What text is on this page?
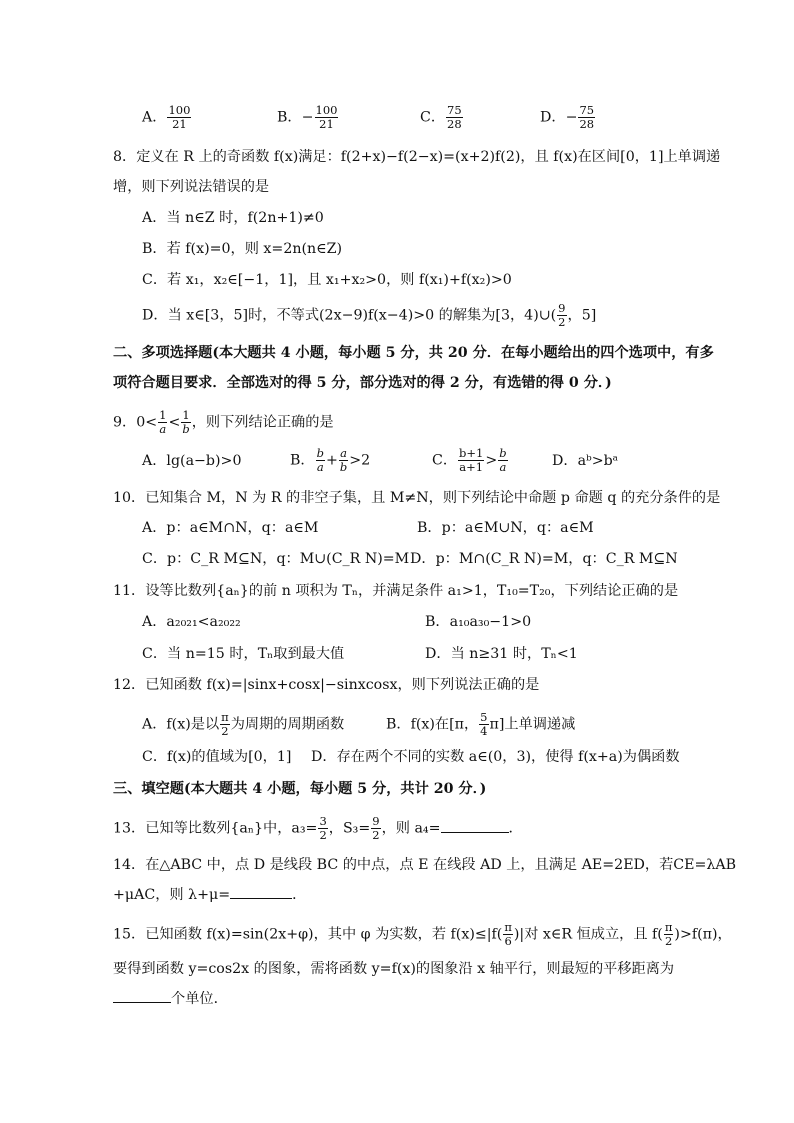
A． $\frac{100}{21}$	B．− $\frac{100}{21}$	C． $\frac{75}{28}$	D．− $\frac{75}{28}$
8．定义在 R 上的奇函数 f(x)满足：f(2+x)−f(2−x)=(x+2)f(2)，且 f(x)在区间[0，1]上单调递
增，则下列说法错误的是
A．当 n∈Z 时，f(2n+1)≠0
B．若 f(x)=0，则 x=2n(n∈Z)
C．若 x₁，x₂∈[−1，1]，且 x₁+x₂>0，则 f(x₁)+f(x₂)>0
D．当 x∈[3，5]时，不等式(2x−9)f(x−4)>0 的解集为[3，4)∪( $\frac{9}{2}$ ，5]
二、多项选择题(本大题共 4 小题，每小题 5 分，共 20 分．在每小题给出的四个选项中，有多
项符合题目要求．全部选对的得 5 分，部分选对的得 2 分，有选错的得 0 分．)
9．$0< \frac{1}{a} < \frac{1}{b}$ ，则下列结论正确的是
A．lg(a−b)>0	B． $\frac{b}{a} + \frac{a}{b} >2$	C． $\frac{b+1}{a+1} > \frac{b}{a}$	D．aᵇ>bᵃ
10．已知集合 M，N 为 R 的非空子集，且 M≠N，则下列结论中命题 p 命题 q 的充分条件的是
A．p：a∈M∩N，q：a∈M	B．p：a∈M∪N，q：a∈M
C．p：C_R M⊆N，q：M∪(C_R N)=M D．p：M∩(C_R N)=M，q：C_R M⊆N
11．设等比数列{aₙ}的前 n 项积为 Tₙ，并满足条件 a₁>1，T₁₀=T₂₀，下列结论正确的是
A．a₂₀₂₁<a₂₀₂₂	B．a₁₀a₃₀−1>0
C．当 n=15 时，Tₙ取到最大值	D．当 n≥31 时，Tₙ<1
12．已知函数 f(x)=|sinx+cosx|−sinxcosx，则下列说法正确的是
A．f(x)是以 $\frac{\pi}{2}$ 为周期的周期函数	B．f(x)在[π， $\frac{5}{4} \pi$]上单调递减
C．f(x)的值域为[0，1] D．存在两个不同的实数 a∈(0，3)，使得 f(x+a)为偶函数
三、填空题(本大题共 4 小题，每小题 5 分，共计 20 分．)
13．已知等比数列{aₙ}中，$a_3= \frac{3}{2}$ ，$S_3= \frac{9}{2}$ ，则 a₄=	．
14．在△ABC 中，点 D 是线段 BC 的中点，点 E 在线段 AD 上，且满足 AE=2ED，若CE=λAB
+μAC，则 λ+μ=	．
15．已知函数 f(x)=sin(2x+φ)，其中 φ 为实数，若 $f(x)\le|f( \frac{\pi}{6}$ )|对 x∈R 恒成立，且 $f( \frac{\pi}{2} )>f(\pi)$，
要得到函数 y=cos2x 的图象，需将函数 y=f(x)的图象沿 x 轴平行，则最短的平移距离为
个单位．
